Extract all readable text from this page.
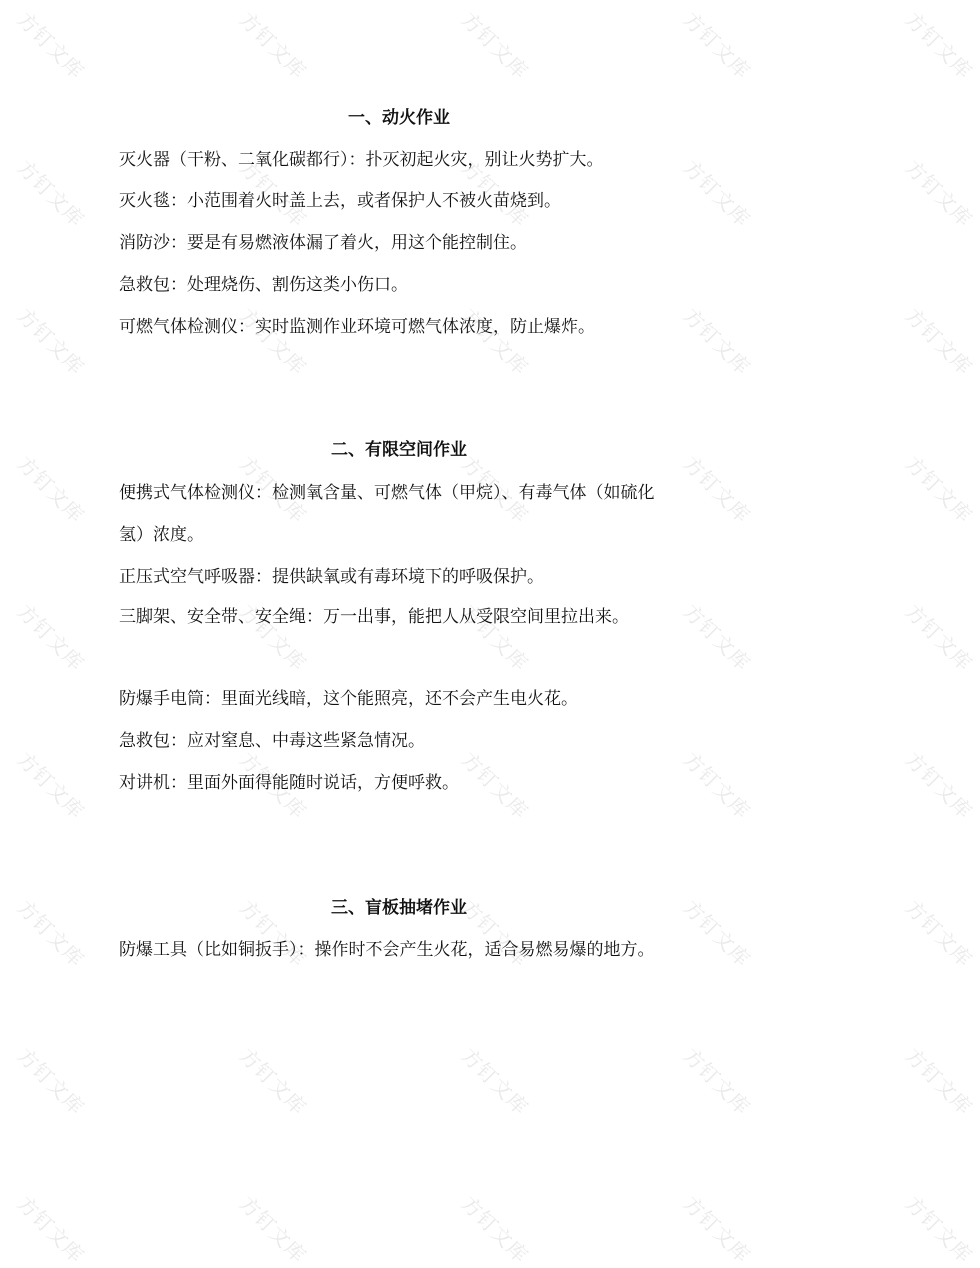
方钉文库	方钉文库	方钉文库	方钉文库	方钉文库
方钉文库	方钉文库	方钉文库	方钉文库	方钉文库
方钉文库	方钉文库	方钉文库	方钉文库	方钉文库
方钉文库	方钉文库	方钉文库	方钉文库	方钉文库
方钉文库	方钉文库	方钉文库	方钉文库	方钉文库
方钉文库	方钉文库	方钉文库	方钉文库	方钉文库
方钉文库	方钉文库	方钉文库	方钉文库	方钉文库
方钉文库	方钉文库	方钉文库	方钉文库	方钉文库
方钉文库	方钉文库	方钉文库	方钉文库	方钉文库
一、动火作业

灭火器（干粉、二氧化碳都行）：扑灭初起火灾，别让火势扩大。

灭火毯：小范围着火时盖上去，或者保护人不被火苗烧到。

消防沙：要是有易燃液体漏了着火，用这个能控制住。

急救包：处理烧伤、割伤这类小伤口。

可燃气体检测仪：实时监测作业环境可燃气体浓度，防止爆炸。

二、有限空间作业

便携式气体检测仪：检测氧含量、可燃气体（甲烷）、有毒气体（如硫化氢）浓度。

正压式空气呼吸器：提供缺氧或有毒环境下的呼吸保护。

三脚架、安全带、安全绳：万一出事，能把人从受限空间里拉出来。

防爆手电筒：里面光线暗，这个能照亮，还不会产生电火花。

急救包：应对窒息、中毒这些紧急情况。

对讲机：里面外面得能随时说话，方便呼救。

三、盲板抽堵作业

防爆工具（比如铜扳手）：操作时不会产生火花，适合易燃易爆的地方。
